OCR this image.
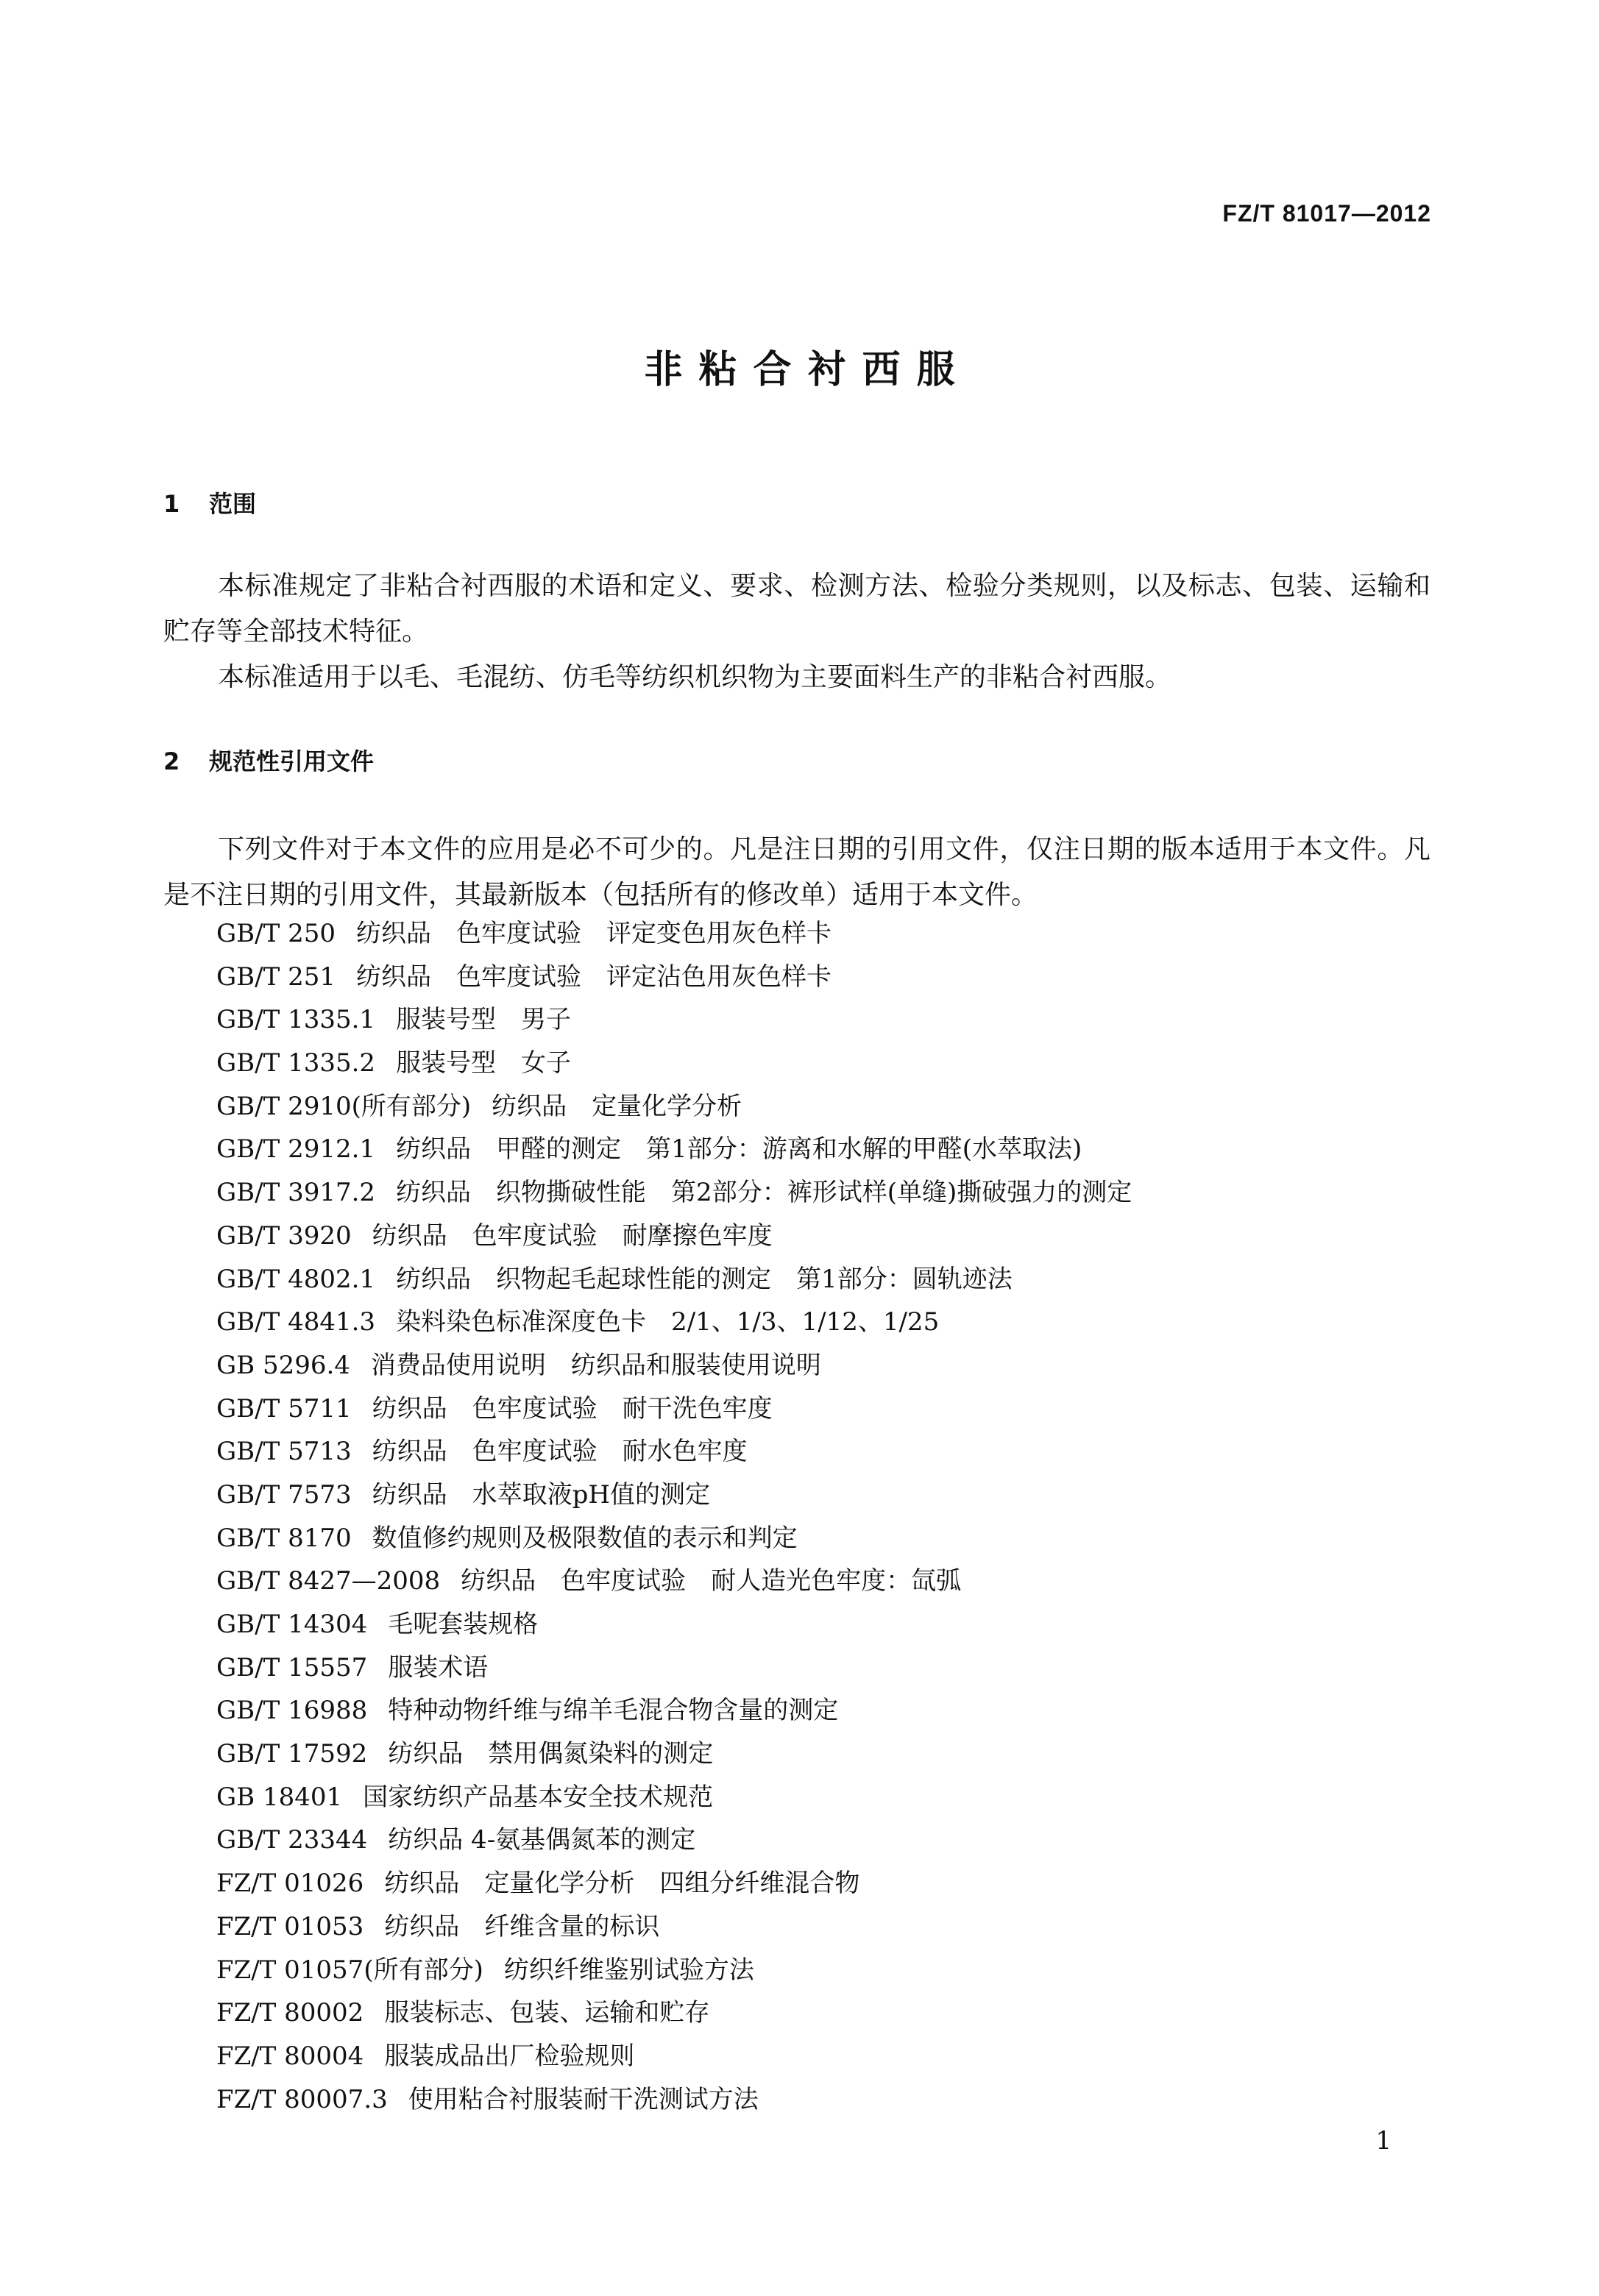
FZ/T 81017—2012
非粘合衬西服
1 范围

本标准规定了非粘合衬西服的术语和定义、要求、检测方法、检验分类规则，以及标志、包装、运输和贮存等全部技术特征。

本标准适用于以毛、毛混纺、仿毛等纺织机织物为主要面料生产的非粘合衬西服。

2 规范性引用文件

下列文件对于本文件的应用是必不可少的。凡是注日期的引用文件，仅注日期的版本适用于本文件。凡是不注日期的引用文件，其最新版本（包括所有的修改单）适用于本文件。

GB/T 250 纺织品　色牢度试验　评定变色用灰色样卡
GB/T 251 纺织品　色牢度试验　评定沾色用灰色样卡
GB/T 1335.1 服装号型　男子
GB/T 1335.2 服装号型　女子
GB/T 2910(所有部分) 纺织品　定量化学分析
GB/T 2912.1 纺织品　甲醛的测定　第1部分：游离和水解的甲醛(水萃取法)
GB/T 3917.2 纺织品　织物撕破性能　第2部分：裤形试样(单缝)撕破强力的测定
GB/T 3920 纺织品　色牢度试验　耐摩擦色牢度
GB/T 4802.1 纺织品　织物起毛起球性能的测定　第1部分：圆轨迹法
GB/T 4841.3 染料染色标准深度色卡　2/1、1/3、1/12、1/25
GB 5296.4 消费品使用说明　纺织品和服装使用说明
GB/T 5711 纺织品　色牢度试验　耐干洗色牢度
GB/T 5713 纺织品　色牢度试验　耐水色牢度
GB/T 7573 纺织品　水萃取液pH值的测定
GB/T 8170 数值修约规则及极限数值的表示和判定
GB/T 8427—2008 纺织品　色牢度试验　耐人造光色牢度：氙弧
GB/T 14304 毛呢套装规格
GB/T 15557 服装术语
GB/T 16988 特种动物纤维与绵羊毛混合物含量的测定
GB/T 17592 纺织品　禁用偶氮染料的测定
GB 18401 国家纺织产品基本安全技术规范
GB/T 23344 纺织品 4-氨基偶氮苯的测定
FZ/T 01026 纺织品　定量化学分析　四组分纤维混合物
FZ/T 01053 纺织品　纤维含量的标识
FZ/T 01057(所有部分) 纺织纤维鉴别试验方法
FZ/T 80002 服装标志、包装、运输和贮存
FZ/T 80004 服装成品出厂检验规则
FZ/T 80007.3 使用粘合衬服装耐干洗测试方法
1
